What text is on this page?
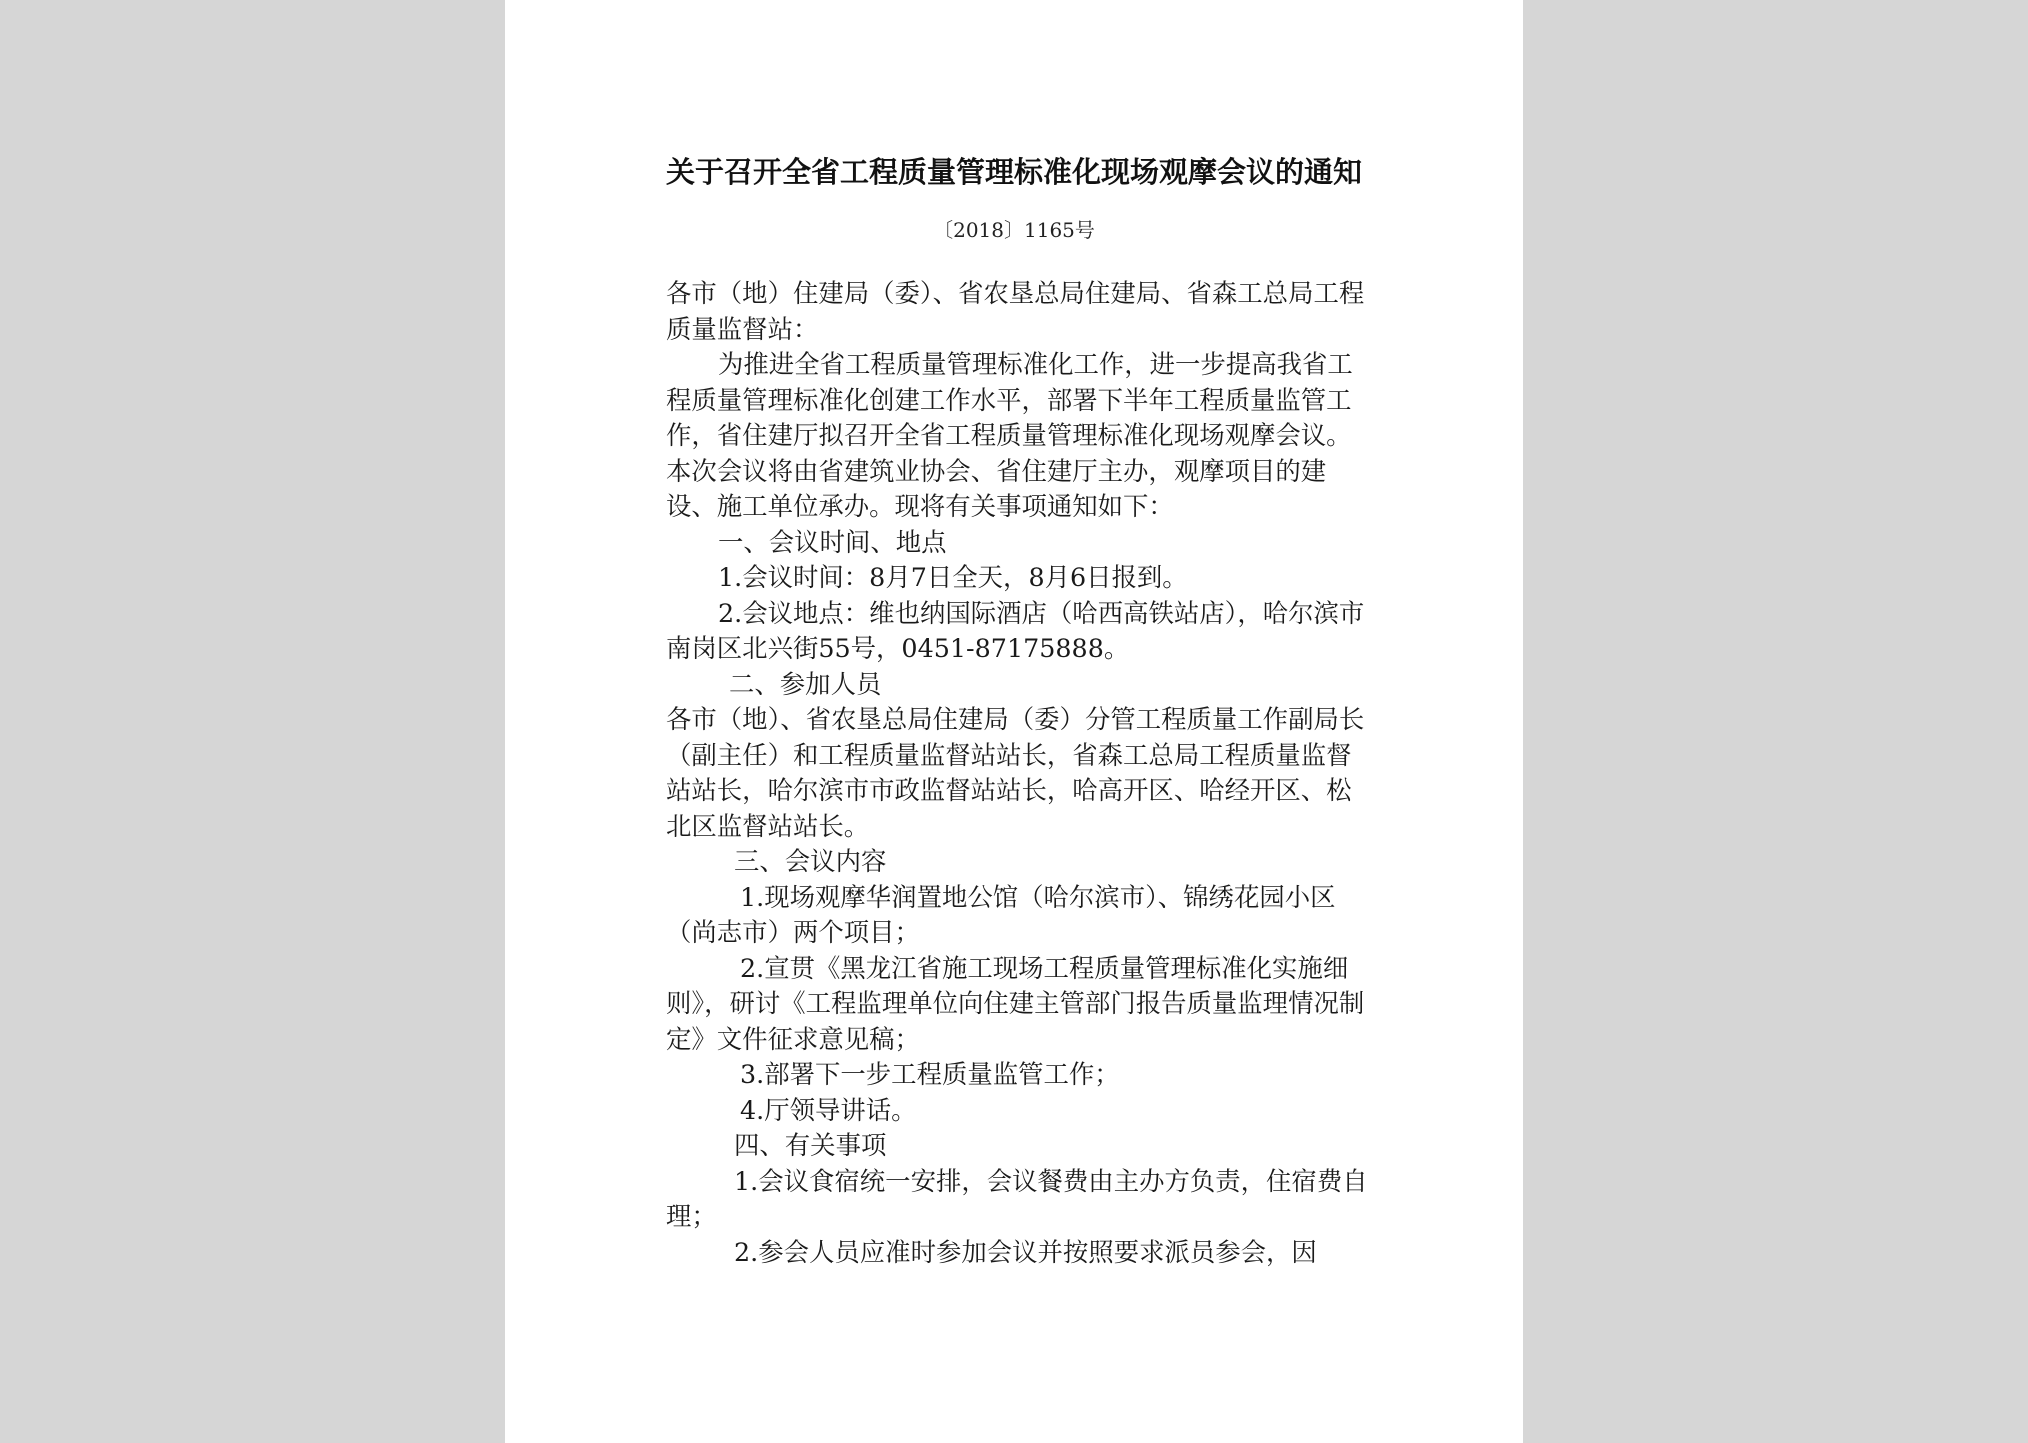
关于召开全省工程质量管理标准化现场观摩会议的通知
〔2018〕1165号

各市（地）住建局（委）、省农垦总局住建局、省森工总局工程质量监督站：

为推进全省工程质量管理标准化工作，进一步提高我省工程质量管理标准化创建工作水平，部署下半年工程质量监管工作，省住建厅拟召开全省工程质量管理标准化现场观摩会议。本次会议将由省建筑业协会、省住建厅主办，观摩项目的建设、施工单位承办。现将有关事项通知如下：

一、会议时间、地点

1.会议时间：8月7日全天，8月6日报到。

2.会议地点：维也纳国际酒店（哈西高铁站店），哈尔滨市南岗区北兴街55号，0451-87175888。

二、参加人员

各市（地）、省农垦总局住建局（委）分管工程质量工作副局长（副主任）和工程质量监督站站长，省森工总局工程质量监督站站长，哈尔滨市市政监督站站长，哈高开区、哈经开区、松北区监督站站长。

三、会议内容

1.现场观摩华润置地公馆（哈尔滨市）、锦绣花园小区（尚志市）两个项目；

2.宣贯《黑龙江省施工现场工程质量管理标准化实施细则》，研讨《工程监理单位向住建主管部门报告质量监理情况制定》文件征求意见稿；

3.部署下一步工程质量监管工作；

4.厅领导讲话。

四、有关事项

1.会议食宿统一安排，会议餐费由主办方负责，住宿费自理；

2.参会人员应准时参加会议并按照要求派员参会，因
